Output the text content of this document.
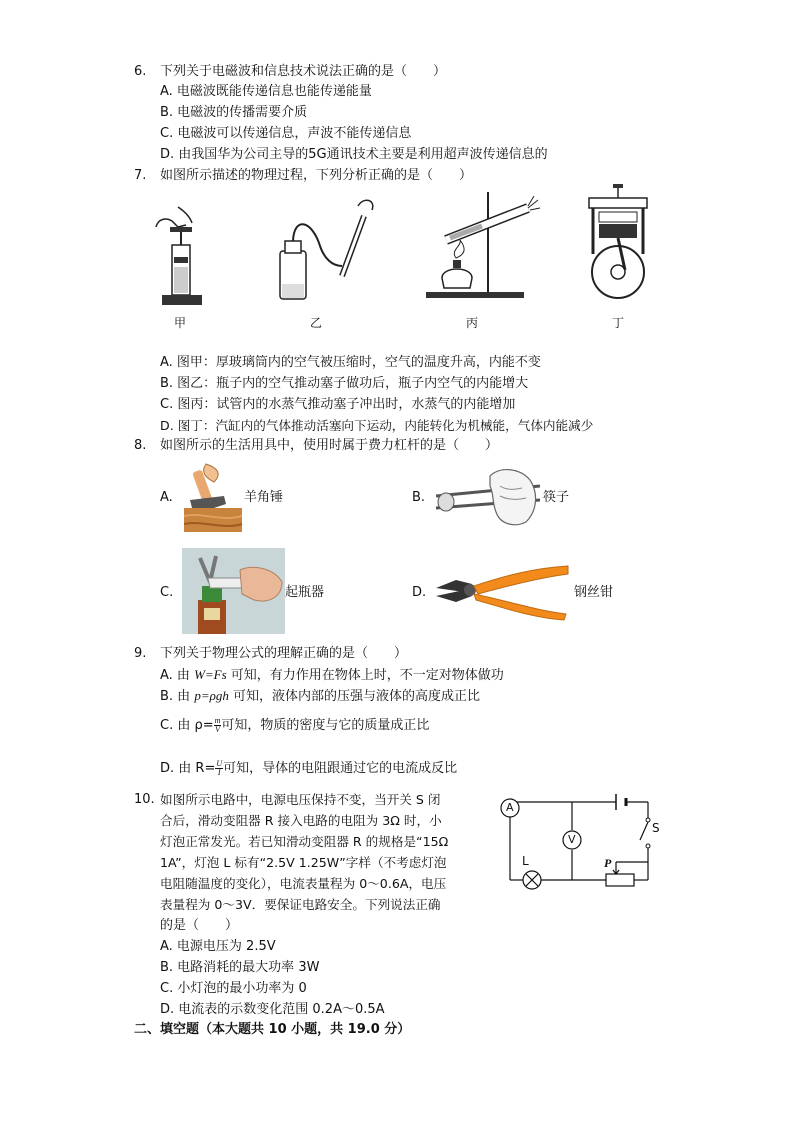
6. 下列关于电磁波和信息技术说法正确的是（　　）
A. 电磁波既能传递信息也能传递能量
B. 电磁波的传播需要介质
C. 电磁波可以传递信息，声波不能传递信息
D. 由我国华为公司主导的5G通讯技术主要是利用超声波传递信息的
7. 如图所示描述的物理过程，下列分析正确的是（　　）
甲	乙	丙	丁
A. 图甲：厚玻璃筒内的空气被压缩时，空气的温度升高，内能不变
B. 图乙：瓶子内的空气推动塞子做功后，瓶子内空气的内能增大
C. 图丙：试管内的水蒸气推动塞子冲出时，水蒸气的内能增加
D. 图丁：汽缸内的气体推动活塞向下运动，内能转化为机械能，气体内能减少
8. 如图所示的生活用具中，使用时属于费力杠杆的是（　　）
A.	羊角锤	B.	筷子
C.	起瓶器	D.	钢丝钳
9. 下列关于物理公式的理解正确的是（　　）
A. 由 W=Fs 可知，有力作用在物体上时，不一定对物体做功
B. 由 p=ρgh 可知，液体内部的压强与液体的高度成正比
C. 由 $\rho= \frac{m}{V}$ 可知，物质的密度与它的质量成正比
D. 由 $R= \frac{U}{I}$ 可知，导体的电阻跟通过它的电流成反比
10. 如图所示电路中，电源电压保持不变，当开关 S 闭
合后，滑动变阻器 R 接入电路的电阻为 3Ω 时，小
灯泡正常发光。若已知滑动变阻器 R 的规格是“15Ω
1A”，灯泡 L 标有“2.5V 1.25W”字样（不考虑灯泡
电阻随温度的变化），电流表量程为 0～0.6A，电压
表量程为 0～3V．要保证电路安全。下列说法正确
的是（　　）
A
V
S
L	P
A. 电源电压为 2.5V
B. 电路消耗的最大功率 3W
C. 小灯泡的最小功率为 0
D. 电流表的示数变化范围 0.2A～0.5A
二、填空题（本大题共 10 小题，共 19.0 分）
